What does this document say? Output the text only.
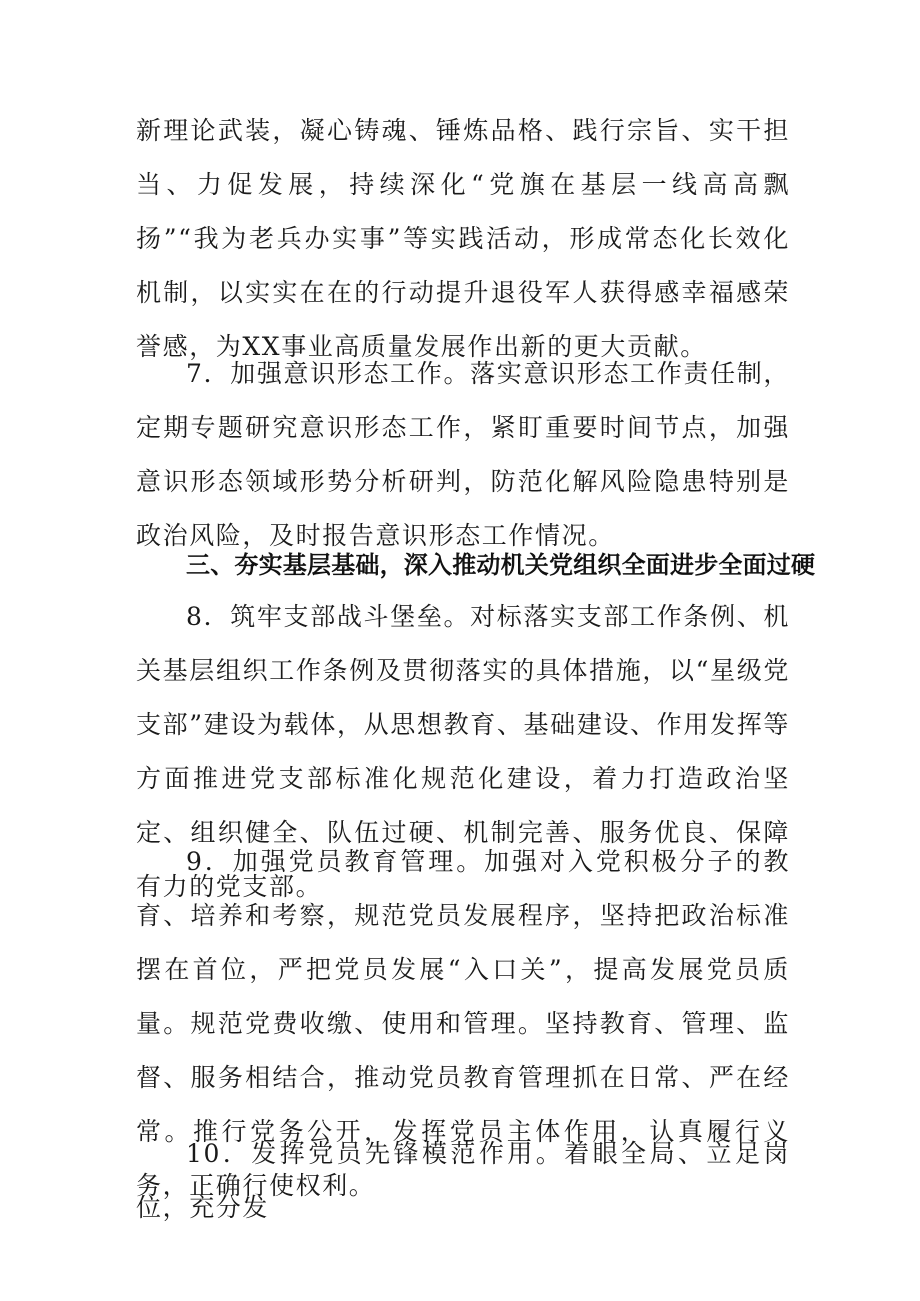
新理论武装，凝心铸魂、锤炼品格、践行宗旨、实干担当、力促发展，持续深化“党旗在基层一线高高飘扬”“我为老兵办实事”等实践活动，形成常态化长效化机制，以实实在在的行动提升退役军人获得感幸福感荣誉感，为XX事业高质量发展作出新的更大贡献。

7．加强意识形态工作。落实意识形态工作责任制，定期专题研究意识形态工作，紧盯重要时间节点，加强意识形态领域形势分析研判，防范化解风险隐患特别是政治风险，及时报告意识形态工作情况。

三、夯实基层基础，深入推动机关党组织全面进步全面过硬

8．筑牢支部战斗堡垒。对标落实支部工作条例、机关基层组织工作条例及贯彻落实的具体措施，以“星级党支部”建设为载体，从思想教育、基础建设、作用发挥等方面推进党支部标准化规范化建设，着力打造政治坚定、组织健全、队伍过硬、机制完善、服务优良、保障有力的党支部。

9．加强党员教育管理。加强对入党积极分子的教育、培养和考察，规范党员发展程序，坚持把政治标准摆在首位，严把党员发展“入口关”，提高发展党员质量。规范党费收缴、使用和管理。坚持教育、管理、监督、服务相结合，推动党员教育管理抓在日常、严在经常。推行党务公开，发挥党员主体作用，认真履行义务，正确行使权利。

10．发挥党员先锋模范作用。着眼全局、立足岗位，充分发
